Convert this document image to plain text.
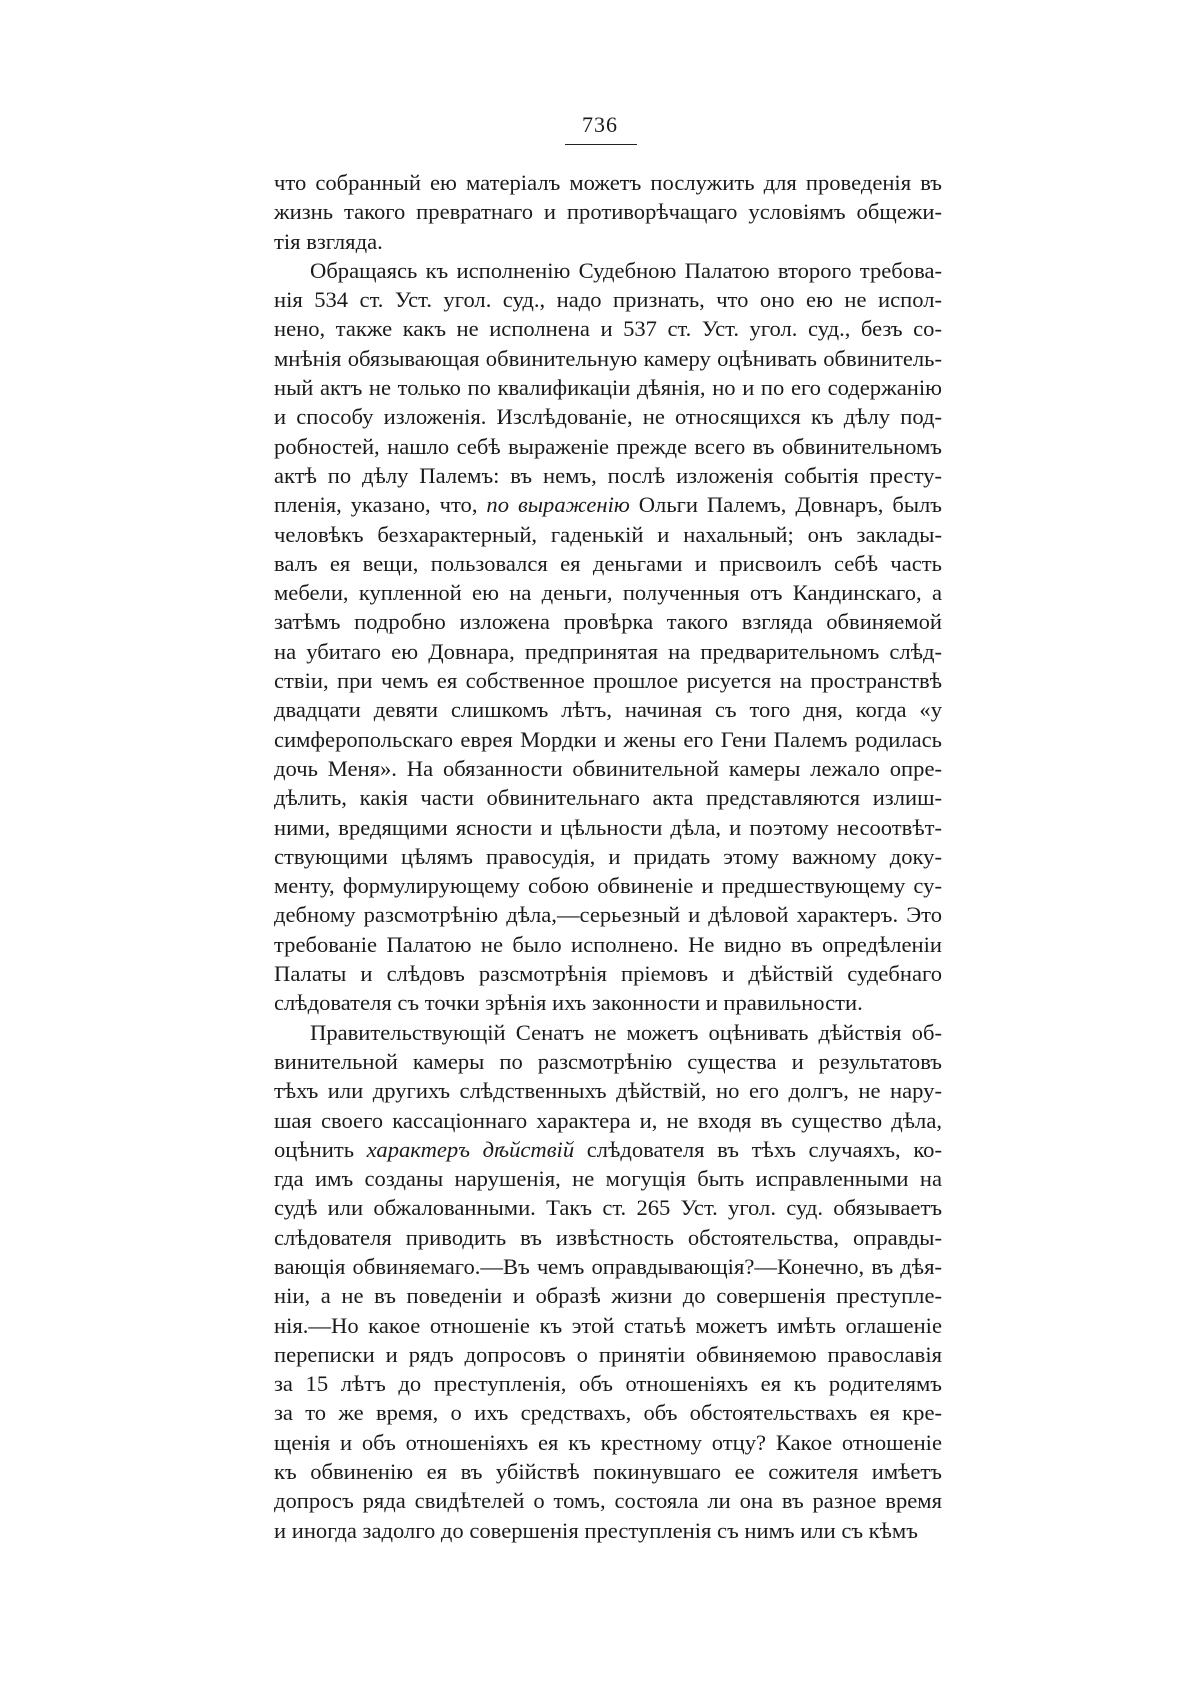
736
что собранный ею матеріалъ можетъ послужить для проведенія въ
жизнь такого превратнаго и противорѣчащаго условіямъ общежи-
тія взгляда.
Обращаясь къ исполненію Судебною Палатою второго требова-
нія 534 ст. Уст. угол. суд., надо признать, что оно ею не испол-
нено, также какъ не исполнена и 537 ст. Уст. угол. суд., безъ со-
мнѣнія обязывающая обвинительную камеру оцѣнивать обвинитель-
ный актъ не только по квалификаціи дѣянія, но и по его содержанію
и способу изложенія. Изслѣдованіе, не относящихся къ дѣлу под-
робностей, нашло себѣ выраженіе прежде всего въ обвинительномъ
актѣ по дѣлу Палемъ: въ немъ, послѣ изложенія событія престу-
пленія, указано, что, по выраженію Ольги Палемъ, Довнаръ, былъ
человѣкъ безхарактерный, гаденькій и нахальный; онъ заклады-
валъ ея вещи, пользовался ея деньгами и присвоилъ себѣ часть
мебели, купленной ею на деньги, полученныя отъ Кандинскаго, а
затѣмъ подробно изложена провѣрка такого взгляда обвиняемой
на убитаго ею Довнара, предпринятая на предварительномъ слѣд-
ствіи, при чемъ ея собственное прошлое рисуется на пространствѣ
двадцати девяти слишкомъ лѣтъ, начиная съ того дня, когда «у
симферопольскаго еврея Мордки и жены его Гени Палемъ родилась
дочь Меня». На обязанности обвинительной камеры лежало опре-
дѣлить, какія части обвинительнаго акта представляются излиш-
ними, вредящими ясности и цѣльности дѣла, и поэтому несоотвѣт-
ствующими цѣлямъ правосудія, и придать этому важному доку-
менту, формулирующему собою обвиненіе и предшествующему су-
дебному разсмотрѣнію дѣла,—серьезный и дѣловой характеръ. Это
требованіе Палатою не было исполнено. Не видно въ опредѣленіи
Палаты и слѣдовъ разсмотрѣнія пріемовъ и дѣйствій судебнаго
слѣдователя съ точки зрѣнія ихъ законности и правильности.
Правительствующій Сенатъ не можетъ оцѣнивать дѣйствія об-
винительной камеры по разсмотрѣнію существа и результатовъ
тѣхъ или другихъ слѣдственныхъ дѣйствій, но его долгъ, не нару-
шая своего кассаціоннаго характера и, не входя въ существо дѣла,
оцѣнить характеръ дѣйствій слѣдователя въ тѣхъ случаяхъ, ко-
гда имъ созданы нарушенія, не могущія быть исправленными на
судѣ или обжалованными. Такъ ст. 265 Уст. угол. суд. обязываетъ
слѣдователя приводить въ извѣстность обстоятельства, оправды-
вающія обвиняемаго.—Въ чемъ оправдывающія?—Конечно, въ дѣя-
ніи, а не въ поведеніи и образѣ жизни до совершенія преступле-
нія.—Но какое отношеніе къ этой статьѣ можетъ имѣть оглашеніе
переписки и рядъ допросовъ о принятіи обвиняемою православія
за 15 лѣтъ до преступленія, объ отношеніяхъ ея къ родителямъ
за то же время, о ихъ средствахъ, объ обстоятельствахъ ея кре-
щенія и объ отношеніяхъ ея къ крестному отцу? Какое отношеніе
къ обвиненію ея въ убійствѣ покинувшаго ее сожителя имѣетъ
допросъ ряда свидѣтелей о томъ, состояла ли она въ разное время
и иногда задолго до совершенія преступленія съ нимъ или съ кѣмъ
